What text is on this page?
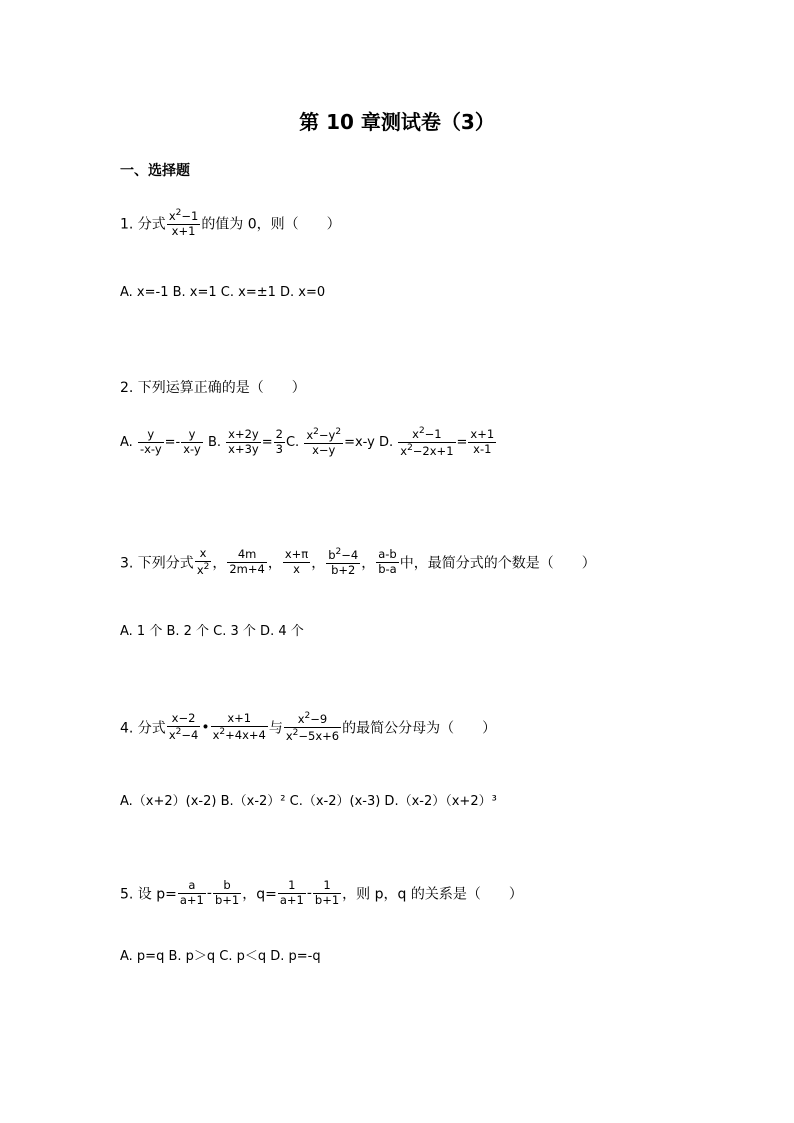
第 10 章测试卷（3）
一、选择题
1. 分式 $\frac{x^2-1}{x+1}$ 的值为 0，则（　　）
A. x=-1 B. x=1 C. x=±1 D. x=0
2. 下列运算正确的是（　　）
A. $\frac{y}{-x-y} =- \frac{y}{x-y} B$. $\frac{x+2y}{x+3y} = \frac{2}{3} C$. $\frac{x^2-y^2}{x-y} =x-y$ D. $\frac{x^2-1}{x^2-2x+1} = \frac{x+1}{x-1}$
3. 下列分式 $\frac{x}{x^2}$ ， $\frac{4m}{2m+4}$ ， $\frac{x+\pi}{x}$ ， $\frac{b^2-4}{b+2}$ ， $\frac{a-b}{b-a}$ 中，最简分式的个数是（　　）
A. 1 个 B. 2 个 C. 3 个 D. 4 个
4. 分式 $\frac{x-2}{x^2-4}$ • $\frac{x+1}{x^2+4x+4}$ 与 $\frac{x^2-9}{x^2-5x+6}$ 的最简公分母为（　　）
A.（x+2）(x-2) B.（x-2）² C.（x-2）(x-3) D.（x-2）（x+2）³
5. 设 $p= \frac{a}{a+1} - \frac{b}{b+1}$ ，$q= \frac{1}{a+1} - \frac{1}{b+1}$ ，则 p，q 的关系是（　　）
A. p=q B. p＞q C. p＜q D. p=-q
